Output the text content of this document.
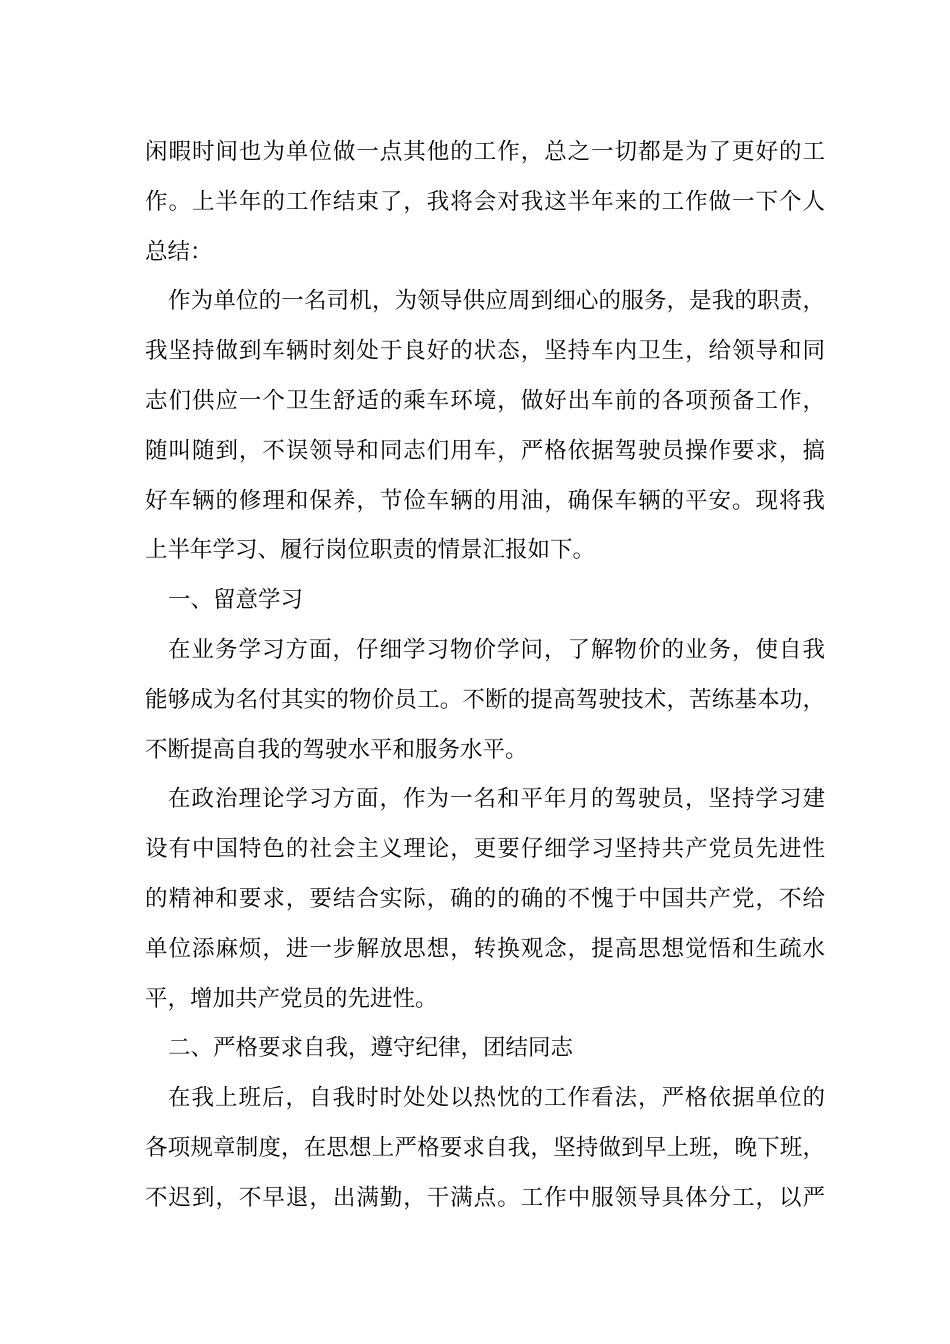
闲暇时间也为单位做一点其他的工作，总之一切都是为了更好的工
作。上半年的工作结束了，我将会对我这半年来的工作做一下个人
总结：
作为单位的一名司机，为领导供应周到细心的服务，是我的职责，
我坚持做到车辆时刻处于良好的状态，坚持车内卫生，给领导和同
志们供应一个卫生舒适的乘车环境，做好出车前的各项预备工作，
随叫随到，不误领导和同志们用车，严格依据驾驶员操作要求，搞
好车辆的修理和保养，节俭车辆的用油，确保车辆的平安。现将我
上半年学习、履行岗位职责的情景汇报如下。
一、留意学习
在业务学习方面，仔细学习物价学问，了解物价的业务，使自我
能够成为名付其实的物价员工。不断的提高驾驶技术，苦练基本功，
不断提高自我的驾驶水平和服务水平。
在政治理论学习方面，作为一名和平年月的驾驶员，坚持学习建
设有中国特色的社会主义理论，更要仔细学习坚持共产党员先进性
的精神和要求，要结合实际，确的的确的不愧于中国共产党，不给
单位添麻烦，进一步解放思想，转换观念，提高思想觉悟和生疏水
平，增加共产党员的先进性。
二、严格要求自我，遵守纪律，团结同志
在我上班后，自我时时处处以热忱的工作看法，严格依据单位的
各项规章制度，在思想上严格要求自我，坚持做到早上班，晚下班，
不迟到，不早退，出满勤，干满点。工作中服领导具体分工，以严
